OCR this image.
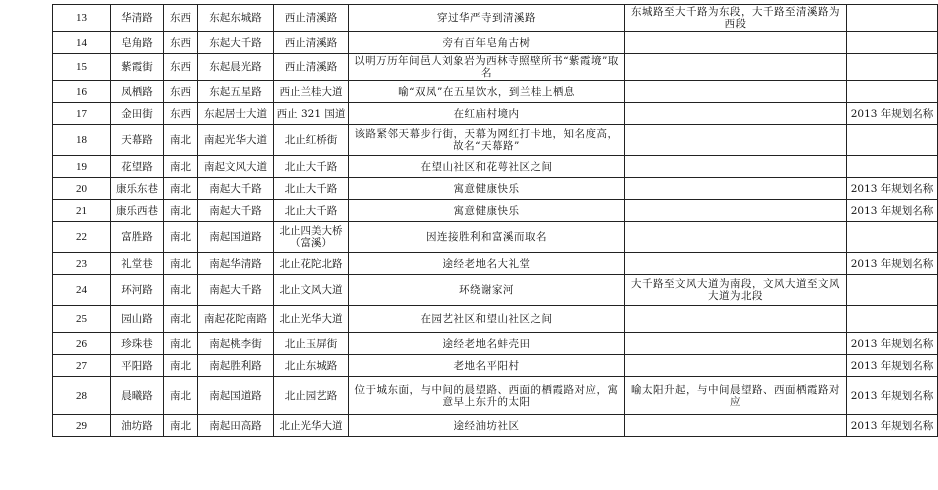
13	华清路	东西	东起东城路	西止清溪路	穿过华严寺到清溪路	东城路至大千路为东段，大千路至清溪路为西段	
14	皂角路	东西	东起大千路	西止清溪路	旁有百年皂角古树		
15	紫霞街	东西	东起晨光路	西止清溪路	以明万历年间邑人刘象岩为西林寺照壁所书“紫霞境”取名		
16	凤栖路	东西	东起五星路	西止兰桂大道	喻“双凤”在五星饮水，到兰桂上栖息		
17	金田街	东西	东起居士大道	西止 321 国道	在红庙村境内		2013 年规划名称
18	天幕路	南北	南起光华大道	北止红桥街	该路紧邻天幕步行街，天幕为网红打卡地，知名度高，故名“天幕路”		
19	花望路	南北	南起文风大道	北止大千路	在望山社区和花萼社区之间		
20	康乐东巷	南北	南起大千路	北止大千路	寓意健康快乐		2013 年规划名称
21	康乐西巷	南北	南起大千路	北止大千路	寓意健康快乐		2013 年规划名称
22	富胜路	南北	南起国道路	北止四美大桥（富溪）	因连接胜利和富溪而取名		
23	礼堂巷	南北	南起华清路	北止花陀北路	途经老地名大礼堂		2013 年规划名称
24	环河路	南北	南起大千路	北止文风大道	环绕谢家河	大千路至文风大道为南段，文风大道至文风大道为北段	
25	园山路	南北	南起花陀南路	北止光华大道	在园艺社区和望山社区之间		
26	珍珠巷	南北	南起桃李街	北止玉屏街	途经老地名蚌壳田		2013 年规划名称
27	平阳路	南北	南起胜利路	北止东城路	老地名平阳村		2013 年规划名称
28	晨曦路	南北	南起国道路	北止园艺路	位于城东面，与中间的晨望路、西面的栖霞路对应，寓意早上东升的太阳	喻太阳升起，与中间晨望路、西面栖霞路对应	2013 年规划名称
29	油坊路	南北	南起田高路	北止光华大道	途经油坊社区		2013 年规划名称
